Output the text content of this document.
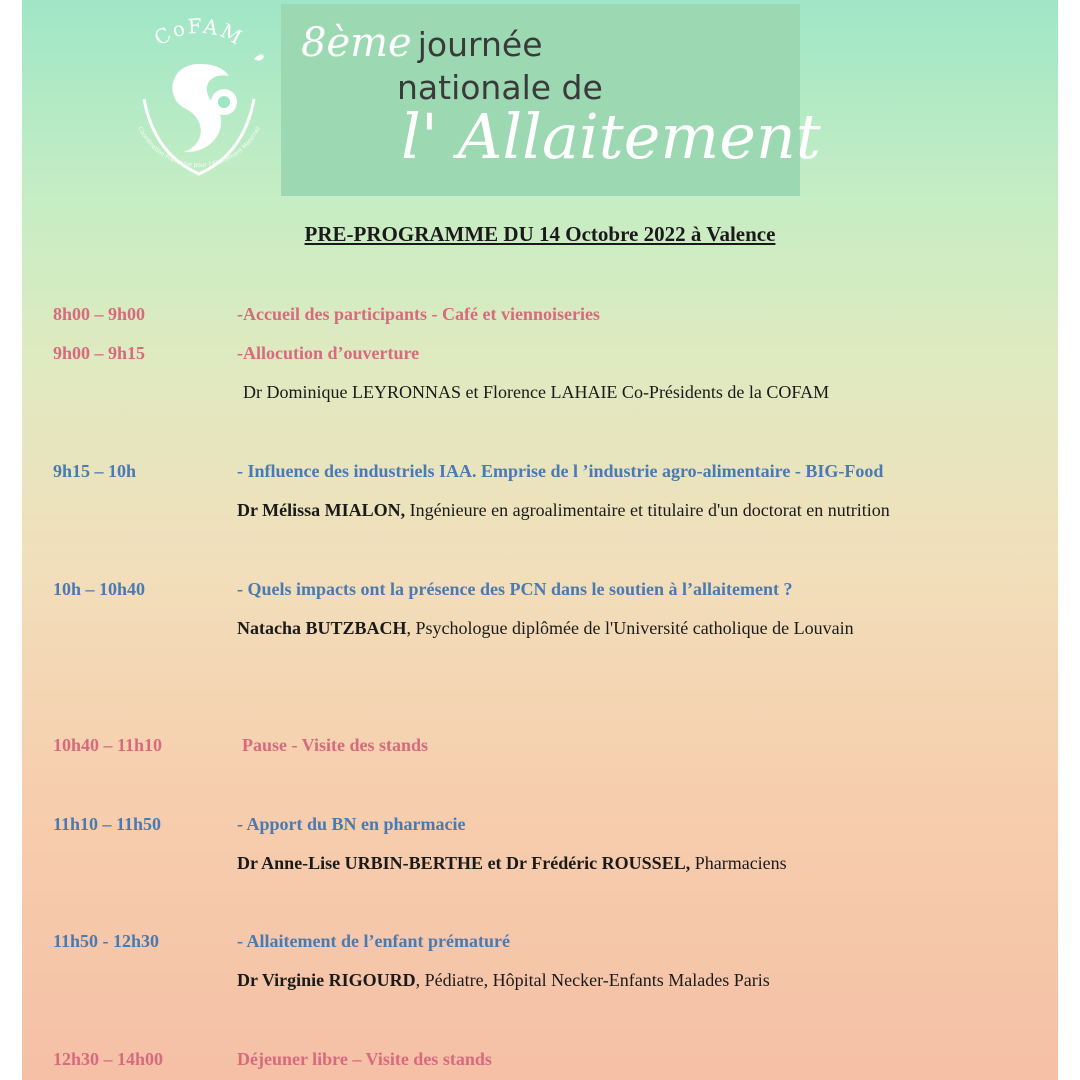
CoFAM
Coordination Française pour l'Allaitement Maternel
8ème journée
nationale de
l' Allaitement
PRE-PROGRAMME DU 14 Octobre 2022 à Valence
8h00 – 9h00	-Accueil des participants - Café et viennoiseries
9h00 – 9h15	-Allocution d’ouverture
Dr Dominique LEYRONNAS et Florence LAHAIE Co-Présidents de la COFAM
9h15 – 10h	- Influence des industriels IAA. Emprise de l ’industrie agro-alimentaire - BIG-Food
Dr Mélissa MIALON, Ingénieure en agroalimentaire et titulaire d'un doctorat en nutrition
10h – 10h40	- Quels impacts ont la présence des PCN dans le soutien à l’allaitement ?
Natacha BUTZBACH, Psychologue diplômée de l'Université catholique de Louvain
10h40 – 11h10	Pause - Visite des stands
11h10 – 11h50	- Apport du BN en pharmacie
Dr Anne-Lise URBIN-BERTHE et Dr Frédéric ROUSSEL, Pharmaciens
11h50 - 12h30	- Allaitement de l’enfant prématuré
Dr Virginie RIGOURD, Pédiatre, Hôpital Necker-Enfants Malades Paris
12h30 – 14h00	Déjeuner libre – Visite des stands
